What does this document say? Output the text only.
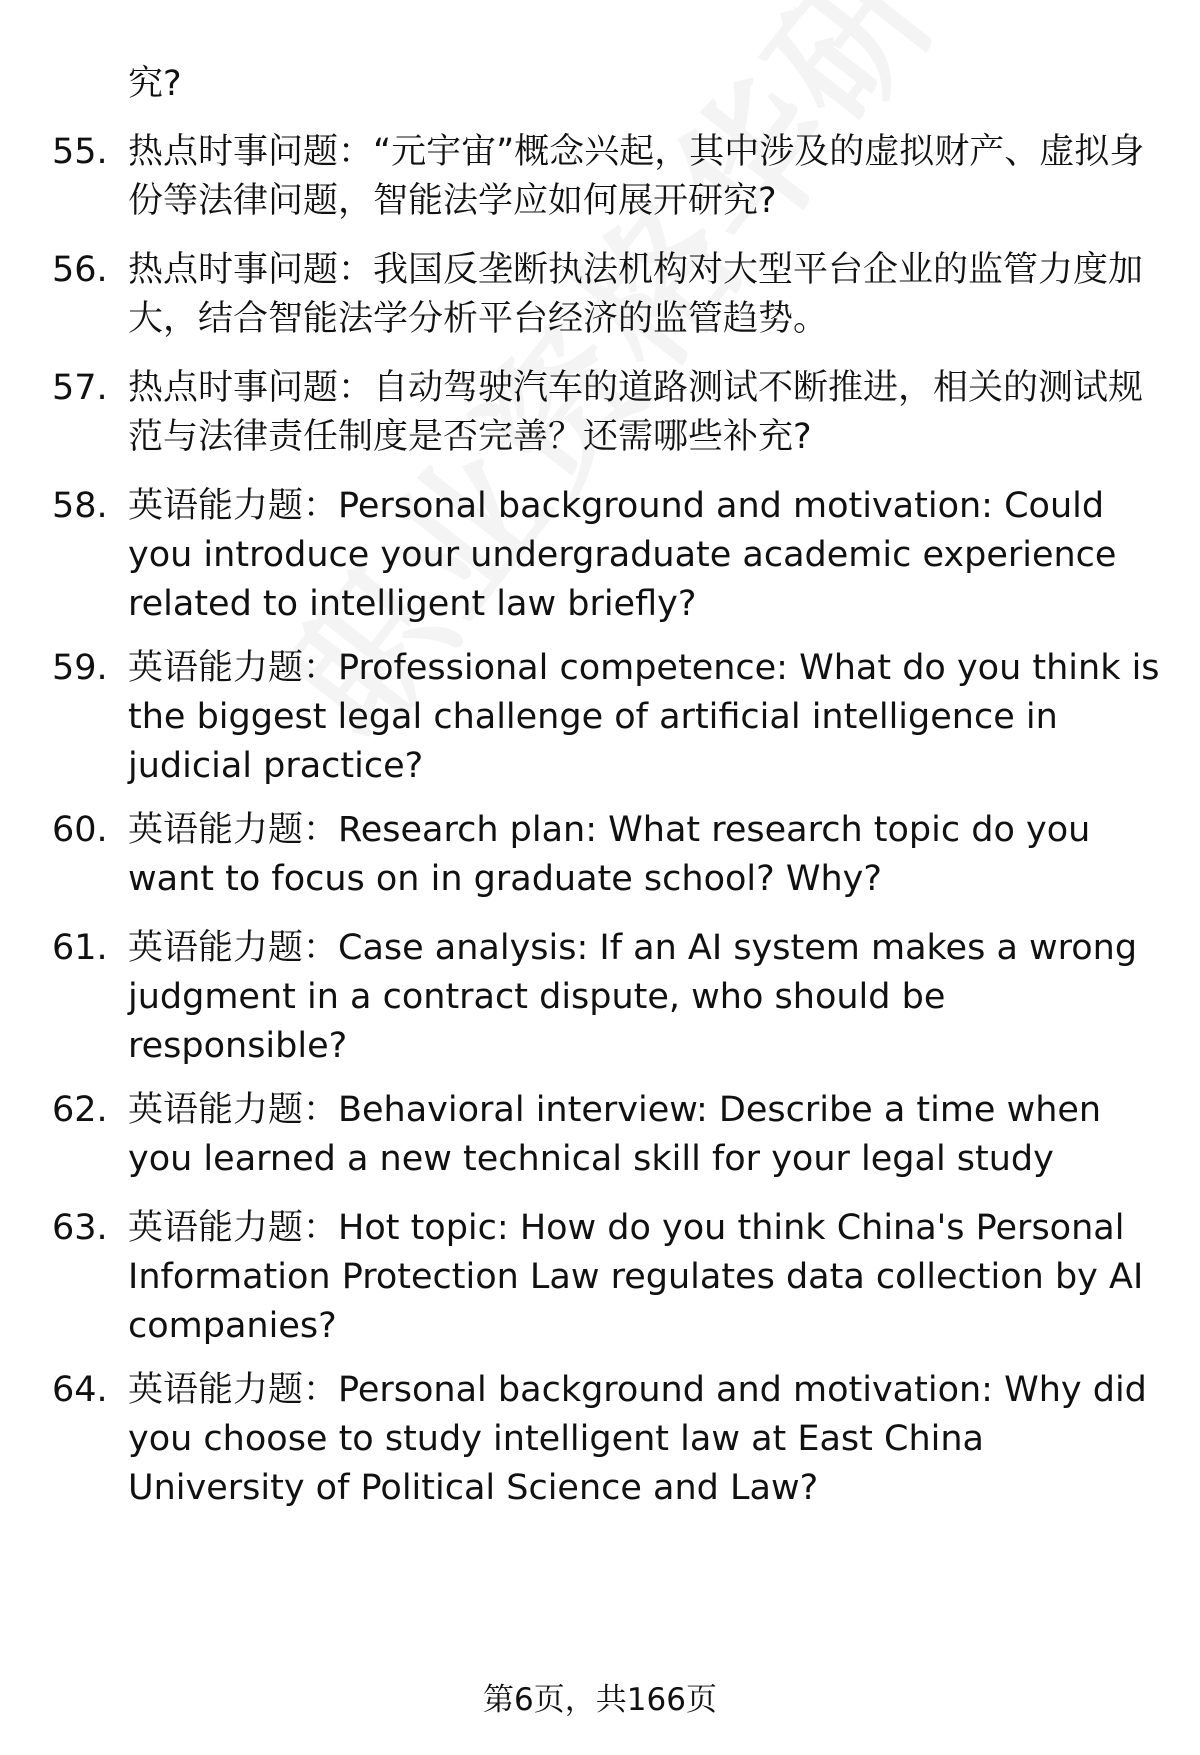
究?
55. 热点时事问题：“元宇宙”概念兴起，其中涉及的虚拟财产、虚拟身份等法律问题，智能法学应如何展开研究?
56. 热点时事问题：我国反垄断执法机构对大型平台企业的监管力度加大，结合智能法学分析平台经济的监管趋势。
57. 热点时事问题：自动驾驶汽车的道路测试不断推进，相关的测试规范与法律责任制度是否完善？还需哪些补充?
58. 英语能力题：Personal background and motivation: Could you introduce your undergraduate academic experience related to intelligent law briefly?
59. 英语能力题：Professional competence: What do you think is the biggest legal challenge of artificial intelligence in judicial practice?
60. 英语能力题：Research plan: What research topic do you want to focus on in graduate school? Why?
61. 英语能力题：Case analysis: If an AI system makes a wrong judgment in a contract dispute, who should be responsible?
62. 英语能力题：Behavioral interview: Describe a time when you learned a new technical skill for your legal study
63. 英语能力题：Hot topic: How do you think China's Personal Information Protection Law regulates data collection by AI companies?
64. 英语能力题：Personal background and motivation: Why did you choose to study intelligent law at East China University of Political Science and Law?
第6页，共166页
